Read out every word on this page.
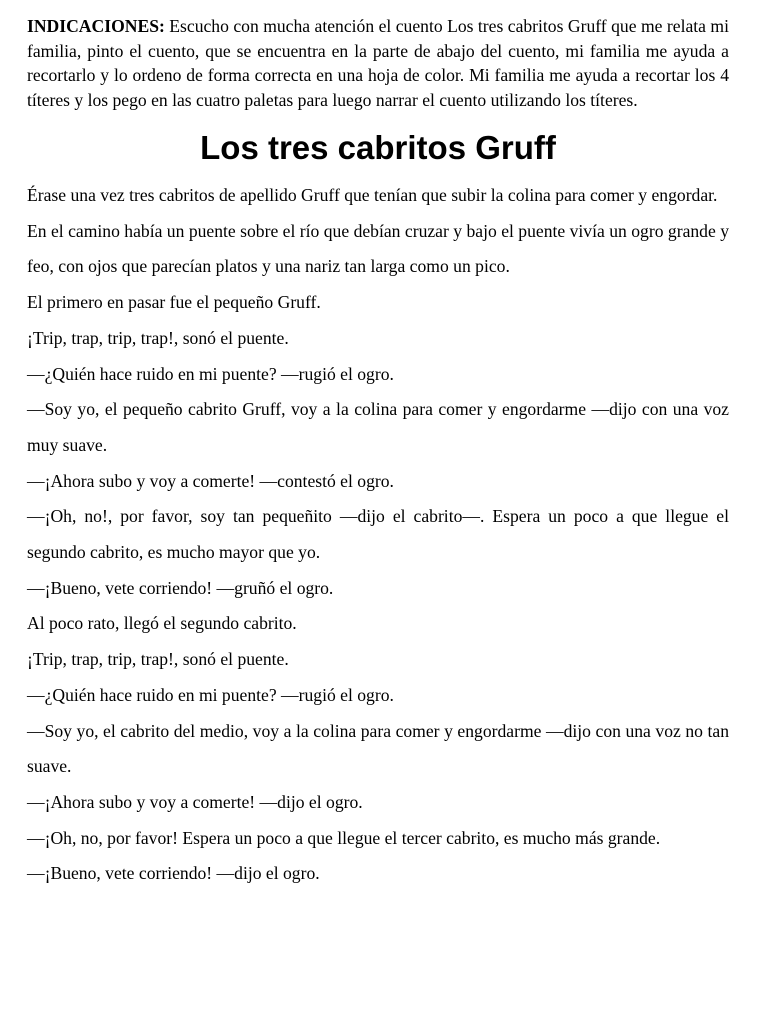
INDICACIONES: Escucho con mucha atención el cuento Los tres cabritos Gruff que me relata mi familia, pinto el cuento, que se encuentra en la parte de abajo del cuento, mi familia me ayuda a recortarlo y lo ordeno de forma correcta en una hoja de color. Mi familia me ayuda a recortar los 4 títeres y los pego en las cuatro paletas para luego narrar el cuento utilizando los títeres.

Los tres cabritos Gruff

Érase una vez tres cabritos de apellido Gruff que tenían que subir la colina para comer y engordar.

En el camino había un puente sobre el río que debían cruzar y bajo el puente vivía un ogro grande y feo, con ojos que parecían platos y una nariz tan larga como un pico.

El primero en pasar fue el pequeño Gruff.

¡Trip, trap, trip, trap!, sonó el puente.

—¿Quién hace ruido en mi puente? —rugió el ogro.

—Soy yo, el pequeño cabrito Gruff, voy a la colina para comer y engordarme —dijo con una voz muy suave.

—¡Ahora subo y voy a comerte! —contestó el ogro.

—¡Oh, no!, por favor, soy tan pequeñito —dijo el cabrito—. Espera un poco a que llegue el segundo cabrito, es mucho mayor que yo.

—¡Bueno, vete corriendo! —gruñó el ogro.

Al poco rato, llegó el segundo cabrito.

¡Trip, trap, trip, trap!, sonó el puente.

—¿Quién hace ruido en mi puente? —rugió el ogro.

—Soy yo, el cabrito del medio, voy a la colina para comer y engordarme —dijo con una voz no tan suave.

—¡Ahora subo y voy a comerte! —dijo el ogro.

—¡Oh, no, por favor! Espera un poco a que llegue el tercer cabrito, es mucho más grande.

—¡Bueno, vete corriendo! —dijo el ogro.
